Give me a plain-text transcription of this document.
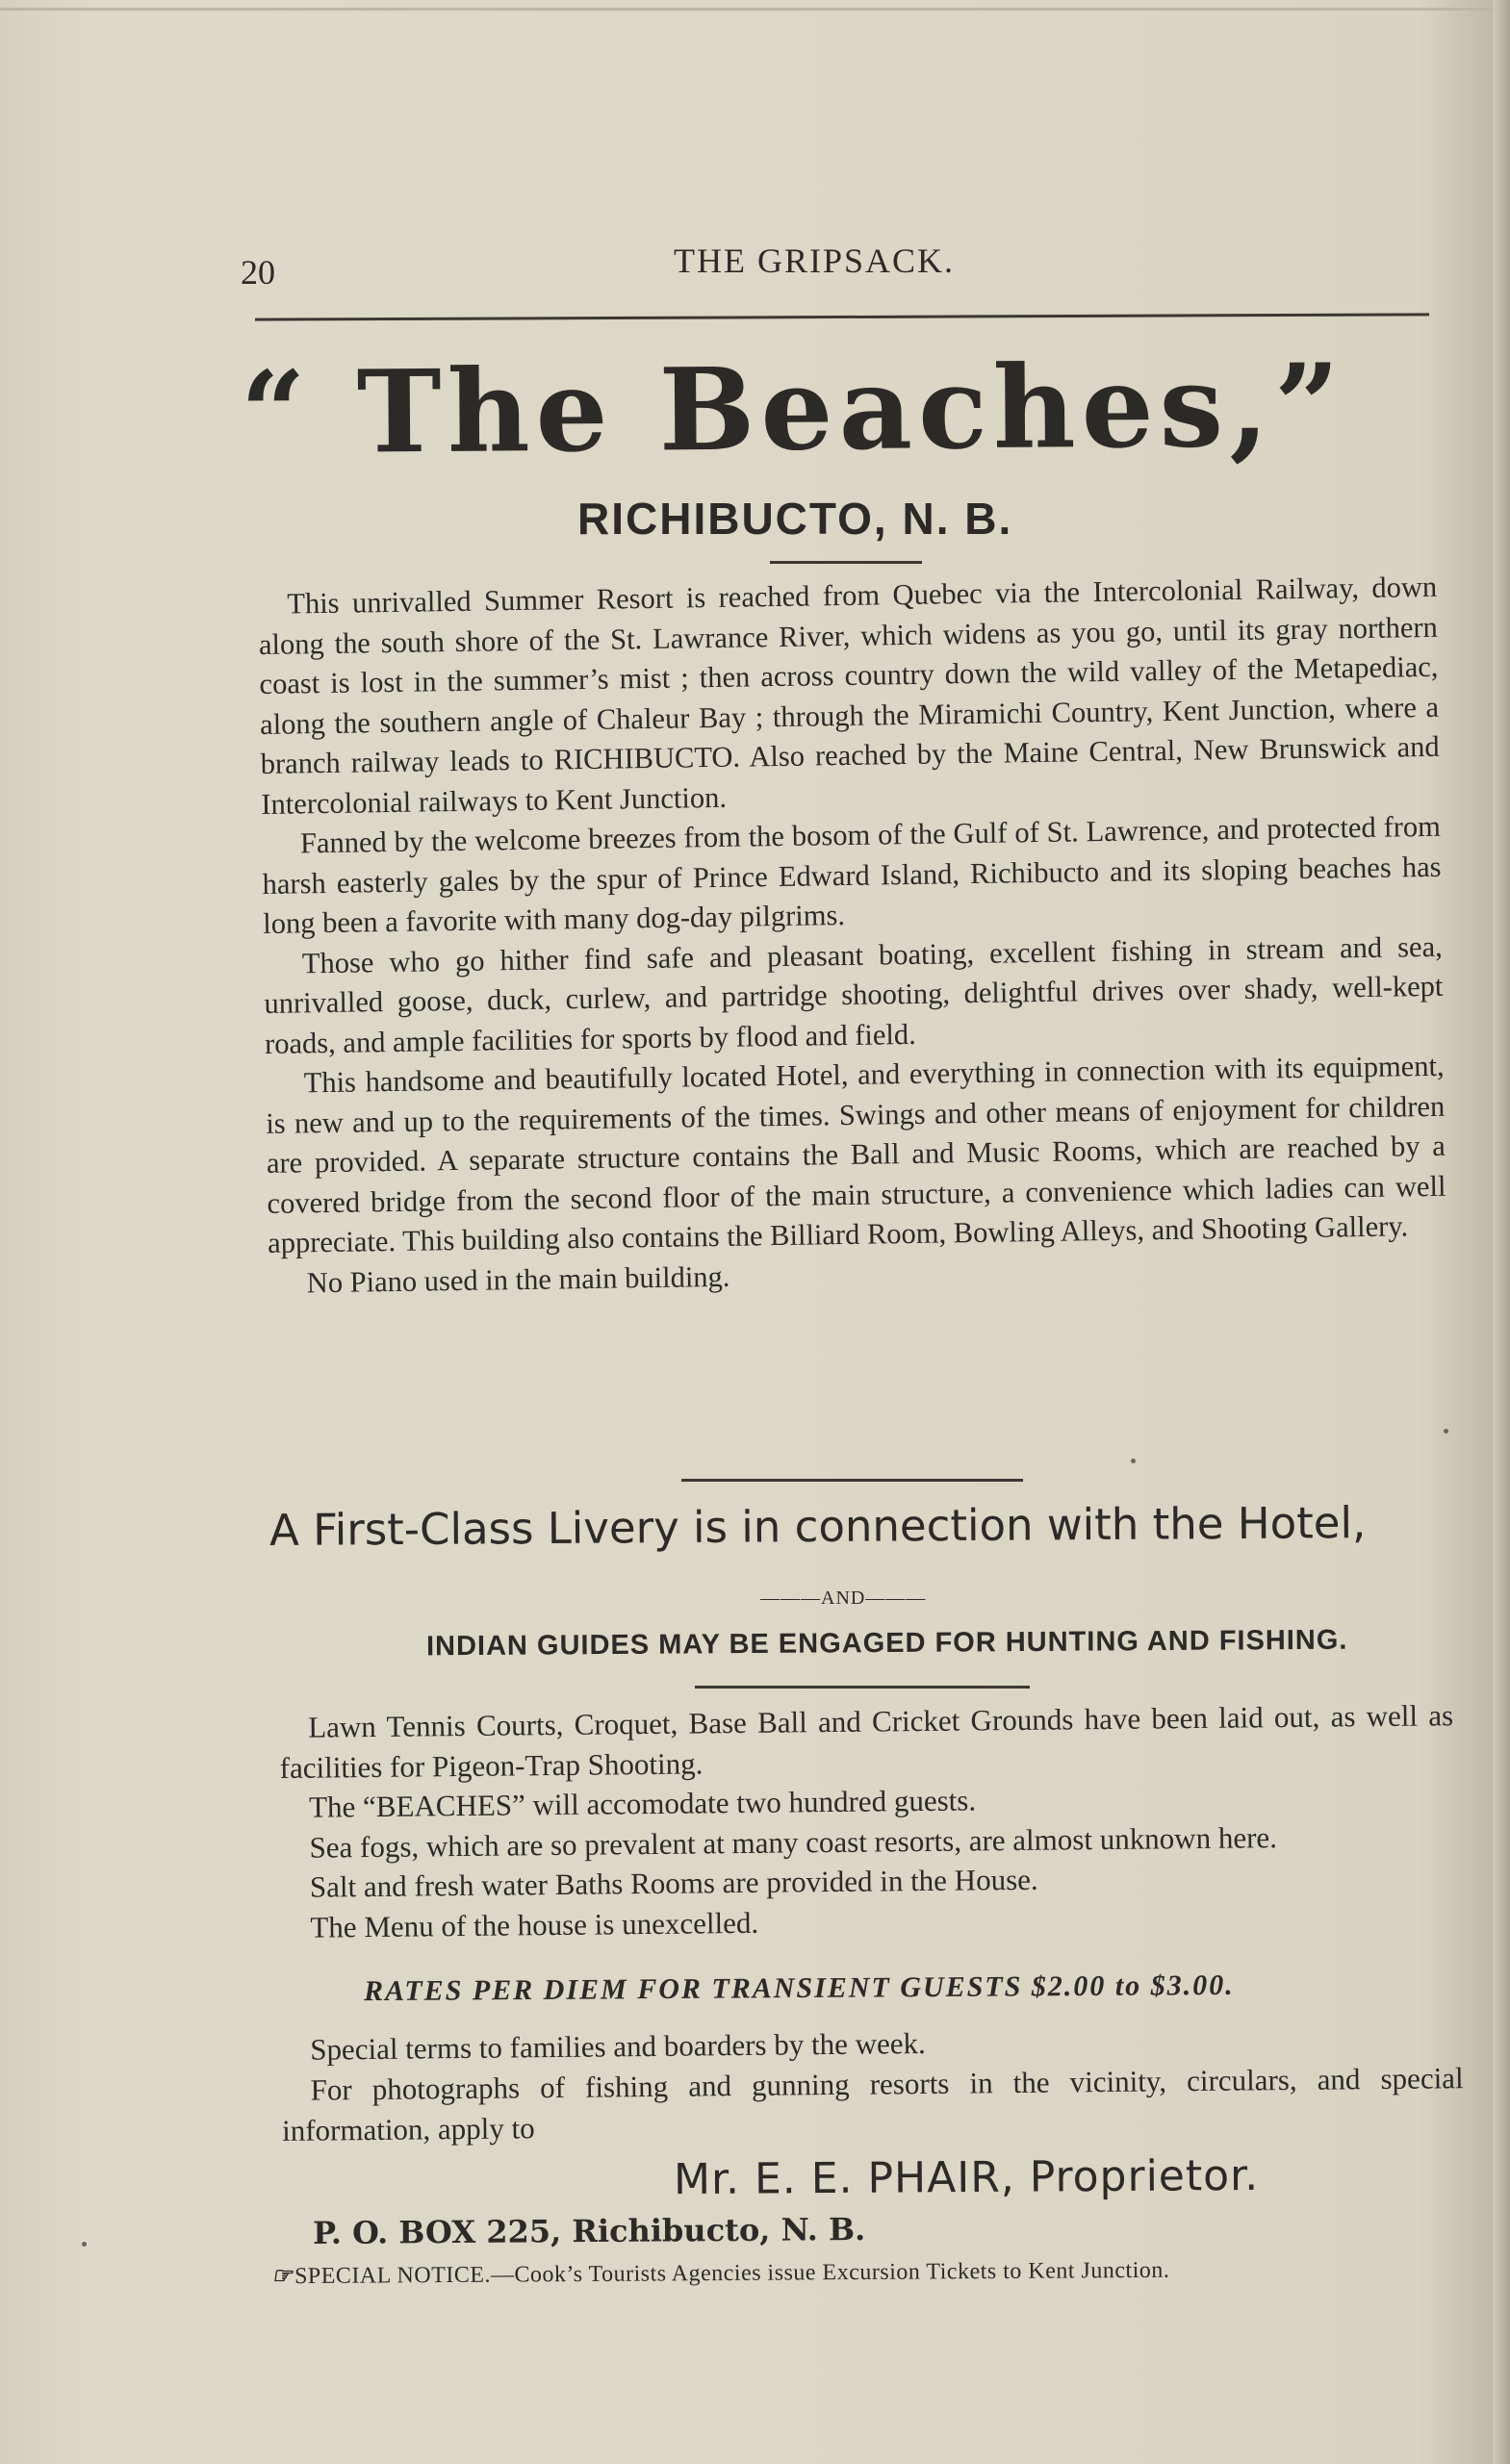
20	THE GRIPSACK.
“ The Beaches,”
RICHIBUCTO, N. B.

This unrivalled Summer Resort is reached from Quebec via the Intercolonial Railway, down along the south shore of the St. Lawrance River, which widens as you go, until its gray northern coast is lost in the summer’s mist ; then across country down the wild valley of the Metapediac, along the southern angle of Chaleur Bay ; through the Miramichi Country, Kent Junction, where a branch railway leads to RICHIBUCTO. Also reached by the Maine Central, New Brunswick and Intercolonial railways to Kent Junction.

Fanned by the welcome breezes from the bosom of the Gulf of St. Lawrence, and protected from harsh easterly gales by the spur of Prince Edward Island, Richibucto and its sloping beaches has long been a favorite with many dog-day pilgrims.

Those who go hither find safe and pleasant boating, excellent fishing in stream and sea, unrivalled goose, duck, curlew, and partridge shooting, delightful drives over shady, well-kept roads, and ample facilities for sports by flood and field.

This handsome and beautifully located Hotel, and everything in connection with its equipment, is new and up to the requirements of the times. Swings and other means of enjoyment for children are provided. A separate structure contains the Ball and Music Rooms, which are reached by a covered bridge from the second floor of the main structure, a convenience which ladies can well appreciate. This building also contains the Billiard Room, Bowling Alleys, and Shooting Gallery.

No Piano used in the main building.

A First-Class Livery is in connection with the Hotel,
———AND———
INDIAN GUIDES MAY BE ENGAGED FOR HUNTING AND FISHING.

Lawn Tennis Courts, Croquet, Base Ball and Cricket Grounds have been laid out, as well as facilities for Pigeon-Trap Shooting.

The “BEACHES” will accomodate two hundred guests.

Sea fogs, which are so prevalent at many coast resorts, are almost unknown here.

Salt and fresh water Baths Rooms are provided in the House.

The Menu of the house is unexcelled.

RATES PER DIEM FOR TRANSIENT GUESTS $2.00 to $3.00.

Special terms to families and boarders by the week.

For photographs of fishing and gunning resorts in the vicinity, circulars, and special information, apply to

Mr. E. E. PHAIR, Proprietor.
P. O. BOX 225, Richibucto, N. B.
☞SPECIAL NOTICE.—Cook’s Tourists Agencies issue Excursion Tickets to Kent Junction.
